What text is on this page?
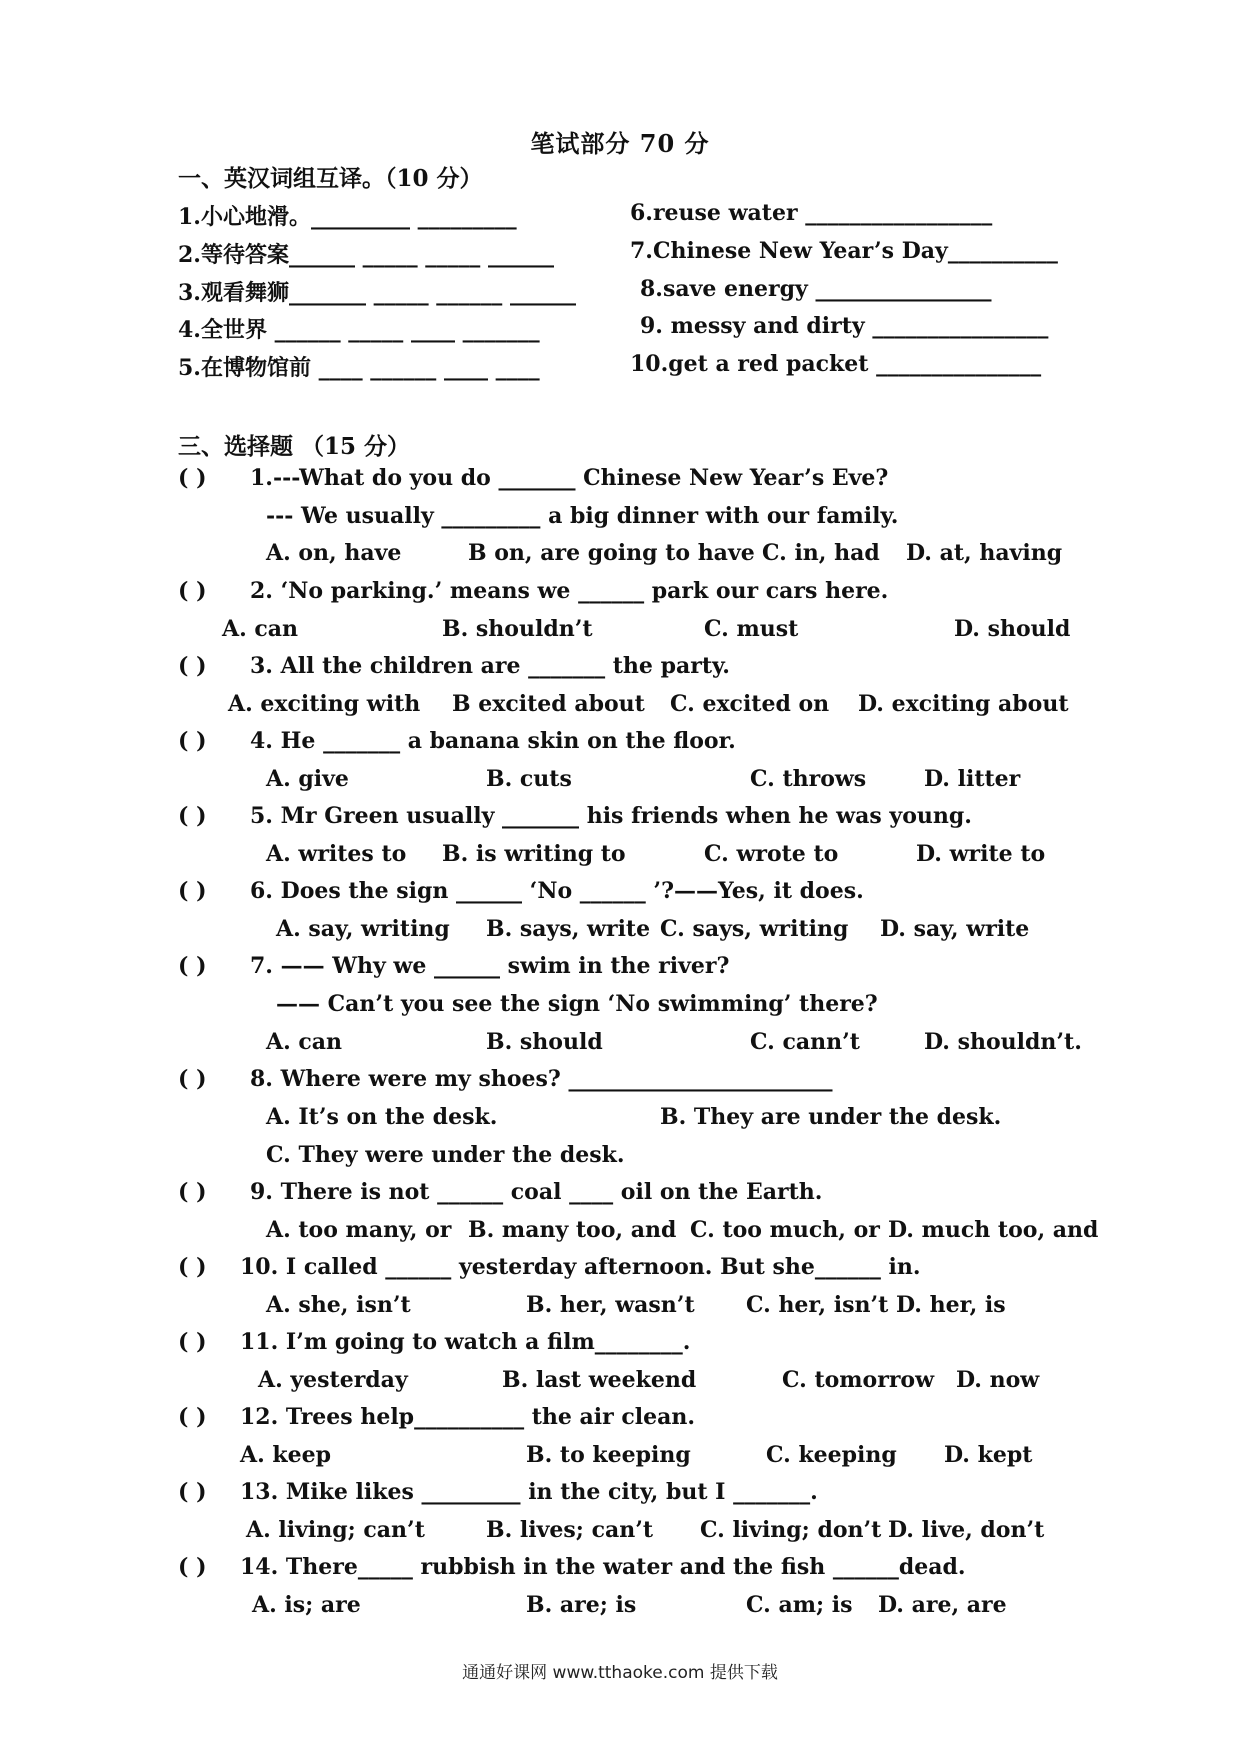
笔试部分 70 分
一、英汉词组互译。（10 分）
1.小心地滑。_________ _________
2.等待答案______ _____ _____ ______
3.观看舞狮_______ _____ ______ ______
4.全世界 ______ _____ ____ _______
5.在博物馆前 ____ ______ ____ ____
6.reuse water _________________
7.Chinese New Year’s Day__________
8.save energy ________________
9. messy and dirty ________________
10.get a red packet _______________
三、选择题 （15 分）
( ) 1.---What do you do _______ Chinese New Year’s Eve?
--- We usually _________ a big dinner with our family.
A. on, have	B on, are going to have C. in, had D. at, having
( ) 2. ‘No parking.’ means we ______ park our cars here.
A. can	B. shouldn’t	C. must	D. should
( ) 3. All the children are _______ the party.
A. exciting with B excited about C. excited on D. exciting about
( ) 4. He _______ a banana skin on the floor.
A. give	B. cuts	C. throws	D. litter
( ) 5. Mr Green usually _______ his friends when he was young.
A. writes to B. is writing to	C. wrote to	D. write to
( ) 6. Does the sign ______ ‘No ______ ’?——Yes, it does.
A. say, writing B. says, write C. says, writing D. say, write
( ) 7. —— Why we ______ swim in the river?
—— Can’t you see the sign ‘No swimming’ there?
A. can	B. should	C. cann’t	D. shouldn’t.
( ) 8. Where were my shoes? ________________________
A. It’s on the desk.	B. They are under the desk.
C. They were under the desk.
( ) 9. There is not ______ coal ____ oil on the Earth.
A. too many, or B. many too, and C. too much, or D. much too, and
( ) 10. I called ______ yesterday afternoon. But she______ in.
A. she, isn’t	B. her, wasn’t C. her, isn’t D. her, is
( ) 11. I’m going to watch a film________.
A. yesterday	B. last weekend	C. tomorrow D. now
( ) 12. Trees help__________ the air clean.
A. keep	B. to keeping	C. keeping D. kept
( ) 13. Mike likes _________ in the city, but I _______.
A. living; can’t	B. lives; can’t C. living; don’t D. live, don’t
( ) 14. There_____ rubbish in the water and the fish ______dead.
A. is; are	B. are; is	C. am; is D. are, are
通通好课网 www.tthaoke.com 提供下载
